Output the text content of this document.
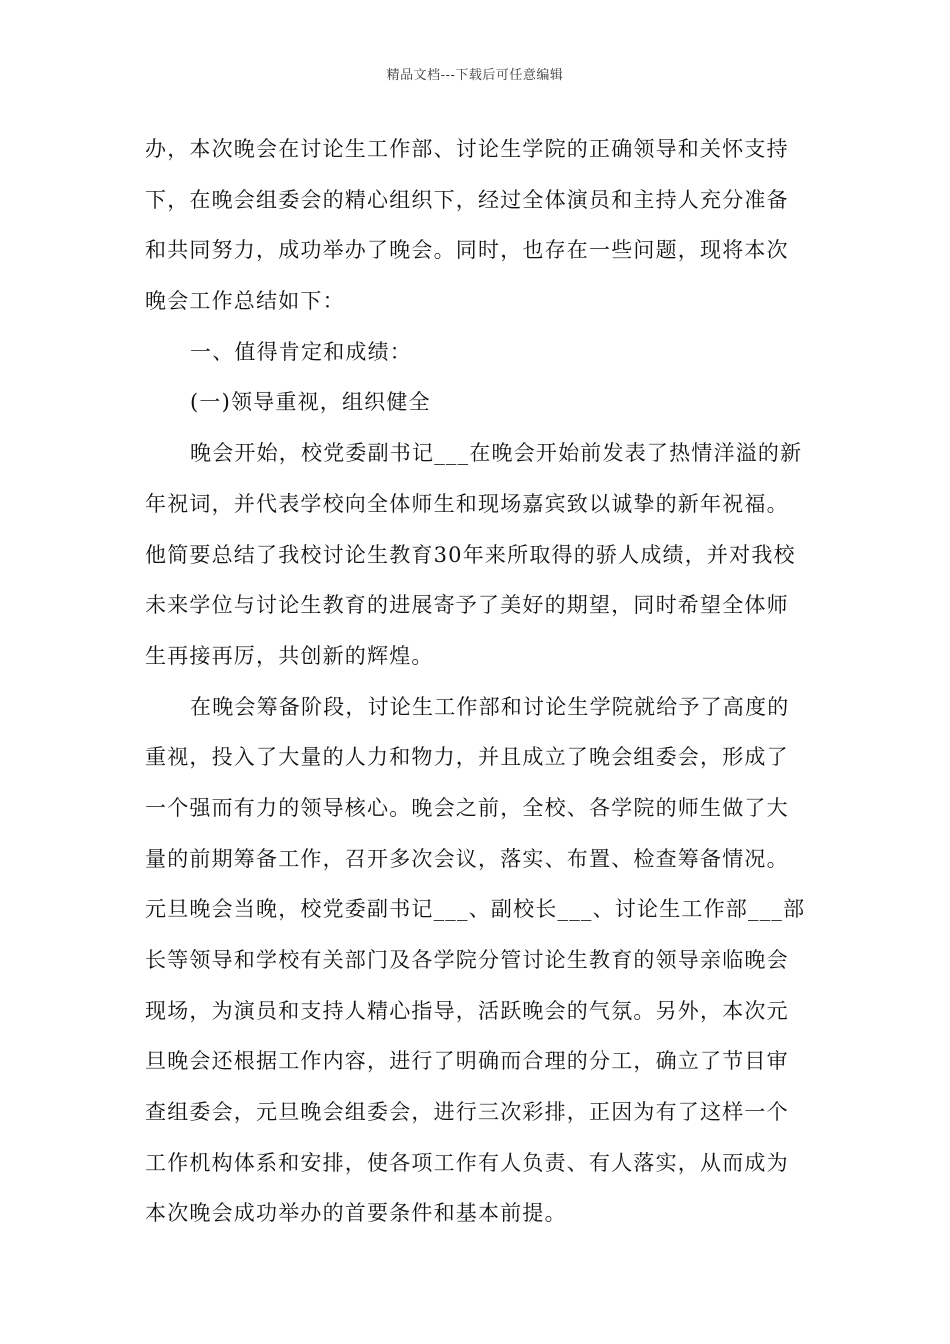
精品文档---下载后可任意编辑
办，本次晚会在讨论生工作部、讨论生学院的正确领导和关怀支持
下，在晚会组委会的精心组织下，经过全体演员和主持人充分准备
和共同努力，成功举办了晚会。同时，也存在一些问题，现将本次
晚会工作总结如下：
一、值得肯定和成绩：
(一)领导重视，组织健全
晚会开始，校党委副书记___在晚会开始前发表了热情洋溢的新
年祝词，并代表学校向全体师生和现场嘉宾致以诚挚的新年祝福。
他简要总结了我校讨论生教育30年来所取得的骄人成绩，并对我校
未来学位与讨论生教育的进展寄予了美好的期望，同时希望全体师
生再接再厉，共创新的辉煌。
在晚会筹备阶段，讨论生工作部和讨论生学院就给予了高度的
重视，投入了大量的人力和物力，并且成立了晚会组委会，形成了
一个强而有力的领导核心。晚会之前，全校、各学院的师生做了大
量的前期筹备工作，召开多次会议，落实、布置、检查筹备情况。
元旦晚会当晚，校党委副书记___、副校长___、讨论生工作部___部
长等领导和学校有关部门及各学院分管讨论生教育的领导亲临晚会
现场，为演员和支持人精心指导，活跃晚会的气氛。另外，本次元
旦晚会还根据工作内容，进行了明确而合理的分工，确立了节目审
查组委会，元旦晚会组委会，进行三次彩排，正因为有了这样一个
工作机构体系和安排，使各项工作有人负责、有人落实，从而成为
本次晚会成功举办的首要条件和基本前提。
